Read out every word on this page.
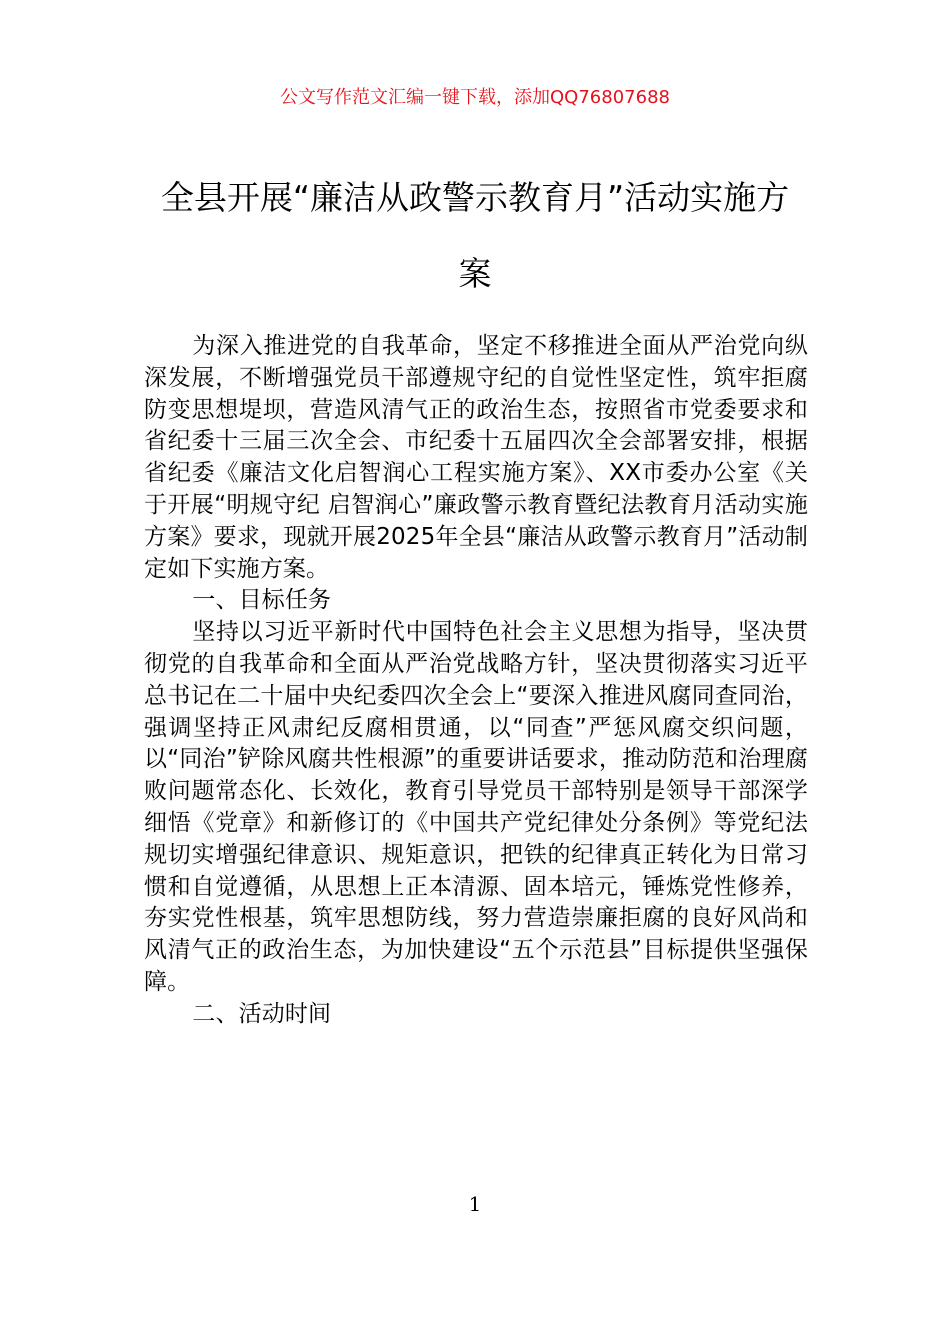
公文写作范文汇编一键下载，添加QQ76807688
全县开展“廉洁从政警示教育月”活动实施方案

为深入推进党的自我革命，坚定不移推进全面从严治党向纵深发展，不断增强党员干部遵规守纪的自觉性坚定性，筑牢拒腐防变思想堤坝，营造风清气正的政治生态，按照省市党委要求和省纪委十三届三次全会、市纪委十五届四次全会部署安排，根据省纪委《廉洁文化启智润心工程实施方案》、XX市委办公室《关于开展“明规守纪 启智润心”廉政警示教育暨纪法教育月活动实施方案》要求，现就开展2025年全县“廉洁从政警示教育月”活动制定如下实施方案。

一、目标任务

坚持以习近平新时代中国特色社会主义思想为指导，坚决贯彻党的自我革命和全面从严治党战略方针，坚决贯彻落实习近平总书记在二十届中央纪委四次全会上“要深入推进风腐同查同治，强调坚持正风肃纪反腐相贯通，以“同查”严惩风腐交织问题，以“同治”铲除风腐共性根源”的重要讲话要求，推动防范和治理腐败问题常态化、长效化，教育引导党员干部特别是领导干部深学细悟《党章》和新修订的《中国共产党纪律处分条例》等党纪法规切实增强纪律意识、规矩意识，把铁的纪律真正转化为日常习惯和自觉遵循，从思想上正本清源、固本培元，锤炼党性修养，夯实党性根基，筑牢思想防线，努力营造崇廉拒腐的良好风尚和风清气正的政治生态，为加快建设“五个示范县”目标提供坚强保障。

二、活动时间

1
